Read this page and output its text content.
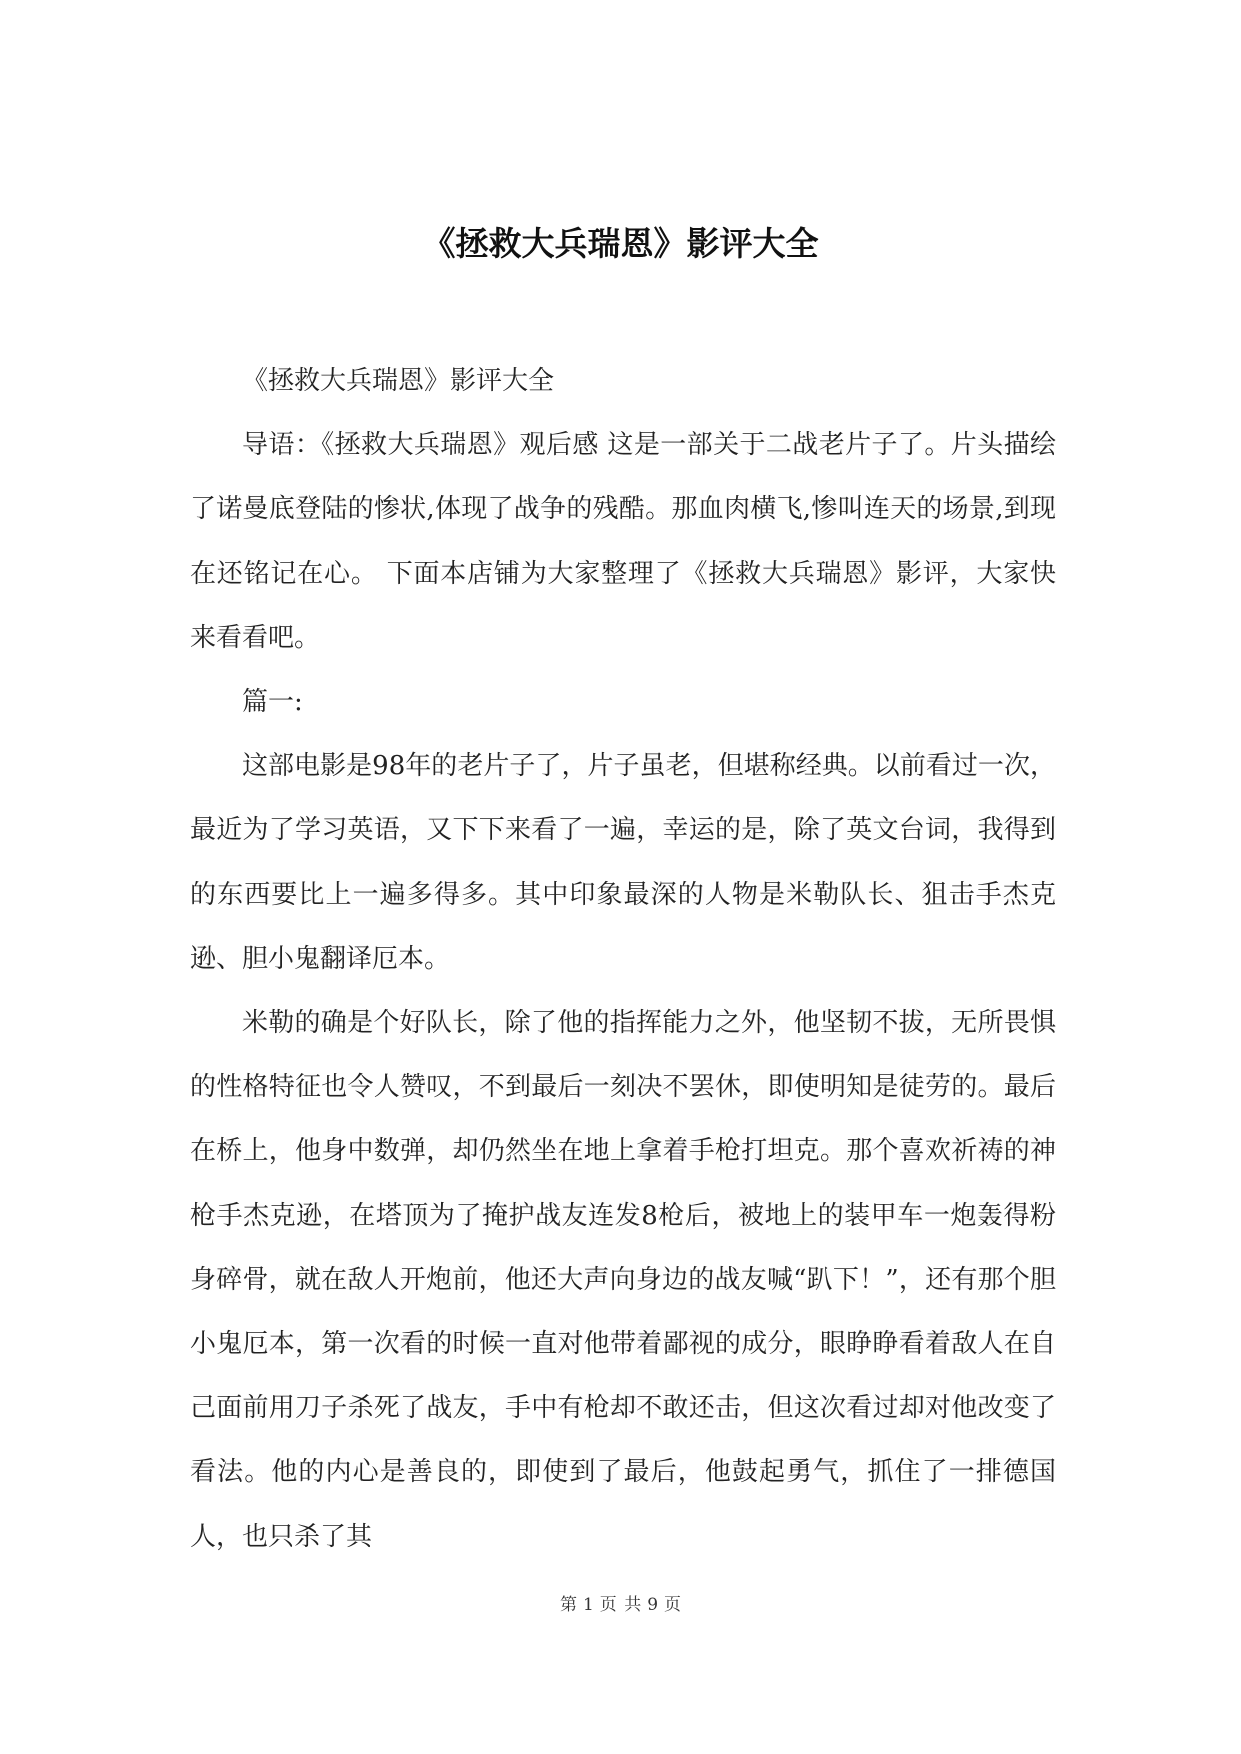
《拯救大兵瑞恩》影评大全

《拯救大兵瑞恩》影评大全

导语：《拯救大兵瑞恩》观后感 这是一部关于二战老片子了。片头描绘了诺曼底登陆的惨状,体现了战争的残酷。那血肉横飞,惨叫连天的场景,到现在还铭记在心。 下面本店铺为大家整理了《拯救大兵瑞恩》影评，大家快来看看吧。

篇一:

这部电影是98年的老片子了，片子虽老，但堪称经典。以前看过一次，最近为了学习英语，又下下来看了一遍，幸运的是，除了英文台词，我得到的东西要比上一遍多得多。其中印象最深的人物是米勒队长、狙击手杰克逊、胆小鬼翻译厄本。

米勒的确是个好队长，除了他的指挥能力之外，他坚韧不拔，无所畏惧的性格特征也令人赞叹，不到最后一刻决不罢休，即使明知是徒劳的。最后在桥上，他身中数弹，却仍然坐在地上拿着手枪打坦克。那个喜欢祈祷的神枪手杰克逊，在塔顶为了掩护战友连发8枪后，被地上的装甲车一炮轰得粉身碎骨，就在敌人开炮前，他还大声向身边的战友喊“趴下！”，还有那个胆小鬼厄本，第一次看的时候一直对他带着鄙视的成分，眼睁睁看着敌人在自己面前用刀子杀死了战友，手中有枪却不敢还击，但这次看过却对他改变了看法。他的内心是善良的，即使到了最后，他鼓起勇气，抓住了一排德国人，也只杀了其

第 1 页 共 9 页
